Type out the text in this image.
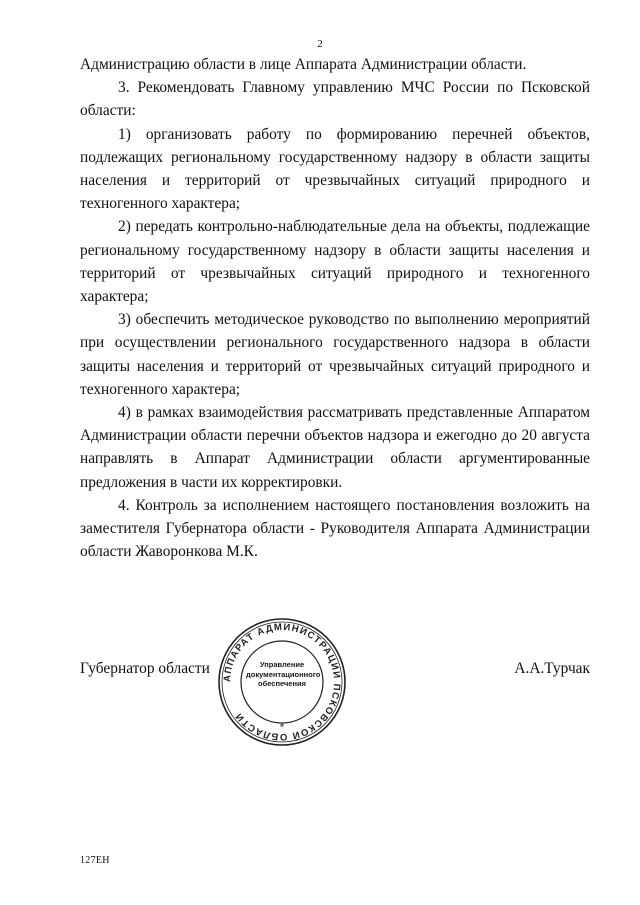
2

Администрацию области в лице Аппарата Администрации области.

3. Рекомендовать Главному управлению МЧС России по Псковской области:

1) организовать работу по формированию перечней объектов, подлежащих региональному государственному надзору в области защиты населения и территорий от чрезвычайных ситуаций природного и техногенного характера;

2) передать контрольно-наблюдательные дела на объекты, подлежащие региональному государственному надзору в области защиты населения и территорий от чрезвычайных ситуаций природного и техногенного характера;

3) обеспечить методическое руководство по выполнению мероприятий при осуществлении регионального государственного надзора в области защиты населения и территорий от чрезвычайных ситуаций природного и техногенного характера;

4) в рамках взаимодействия рассматривать представленные Аппаратом Администрации области перечни объектов надзора и ежегодно до 20 августа направлять в Аппарат Администрации области аргументированные предложения в части их корректировки.

4. Контроль за исполнением настоящего постановления возложить на заместителя Губернатора области - Руководителя Аппарата Администрации области Жаворонкова М.К.

Губернатор области	А.А.Турчак
АППАРАТ АДМИНИСТРАЦИИ ПСКОВСКОЙ ОБЛАСТИ
*
Управление
документационного
обеспечения
127ЕН
